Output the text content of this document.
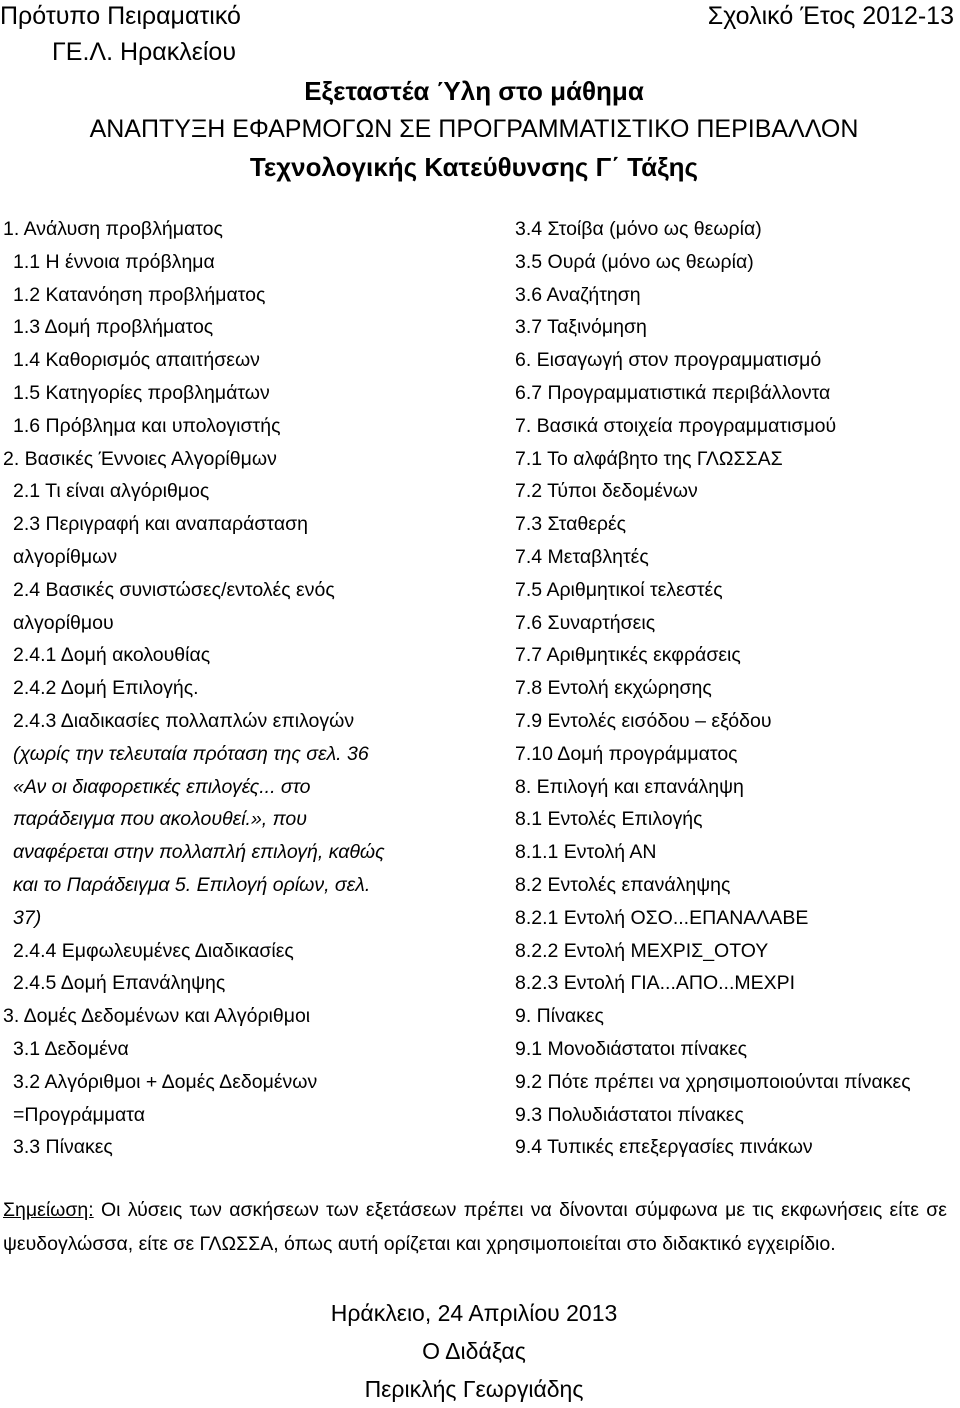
Πρότυπο Πειραματικό	Σχολικό Έτος 2012-13
ΓΕ.Λ. Ηρακλείου
Εξεταστέα Ύλη στο μάθημα
ΑΝΑΠΤΥΞΗ ΕΦΑΡΜΟΓΩΝ ΣΕ ΠΡΟΓΡΑΜΜΑΤΙΣΤΙΚΟ ΠΕΡΙΒΑΛΛΟΝ
Τεχνολογικής Κατεύθυνσης Γ΄ Τάξης
1. Ανάλυση προβλήματος
1.1 Η έννοια πρόβλημα
1.2 Κατανόηση προβλήματος
1.3 Δομή προβλήματος
1.4 Καθορισμός απαιτήσεων
1.5 Κατηγορίες προβλημάτων
1.6 Πρόβλημα και υπολογιστής
2. Βασικές Έννοιες Αλγορίθμων
2.1 Τι είναι αλγόριθμος
2.3 Περιγραφή και αναπαράσταση
αλγορίθμων
2.4 Βασικές συνιστώσες/εντολές ενός
αλγορίθμου
2.4.1 Δομή ακολουθίας
2.4.2 Δομή Επιλογής.
2.4.3 Διαδικασίες πολλαπλών επιλογών
(χωρίς την τελευταία πρόταση της σελ. 36
«Αν οι διαφορετικές επιλογές... στο
παράδειγμα που ακολουθεί.», που
αναφέρεται στην πολλαπλή επιλογή, καθώς
και το Παράδειγμα 5. Επιλογή ορίων, σελ.
37)
2.4.4 Εμφωλευμένες Διαδικασίες
2.4.5 Δομή Επανάληψης
3. Δομές Δεδομένων και Αλγόριθμοι
3.1 Δεδομένα
3.2 Αλγόριθμοι + Δομές Δεδομένων
=Προγράμματα
3.3 Πίνακες
3.4 Στοίβα (μόνο ως θεωρία)
3.5 Ουρά (μόνο ως θεωρία)
3.6 Αναζήτηση
3.7 Ταξινόμηση
6. Εισαγωγή στον προγραμματισμό
6.7 Προγραμματιστικά περιβάλλοντα
7. Βασικά στοιχεία προγραμματισμού
7.1 Το αλφάβητο της ΓΛΩΣΣΑΣ
7.2 Τύποι δεδομένων
7.3 Σταθερές
7.4 Μεταβλητές
7.5 Αριθμητικοί τελεστές
7.6 Συναρτήσεις
7.7 Αριθμητικές εκφράσεις
7.8 Εντολή εκχώρησης
7.9 Εντολές εισόδου ‒ εξόδου
7.10 Δομή προγράμματος
8. Επιλογή και επανάληψη
8.1 Εντολές Επιλογής
8.1.1 Εντολή ΑΝ
8.2 Εντολές επανάληψης
8.2.1 Εντολή ΟΣΟ...ΕΠΑΝΑΛΑΒΕ
8.2.2 Εντολή ΜΕΧΡΙΣ_ΟΤΟΥ
8.2.3 Εντολή ΓΙΑ...ΑΠΟ...ΜΕΧΡΙ
9. Πίνακες
9.1 Μονοδιάστατοι πίνακες
9.2 Πότε πρέπει να χρησιμοποιούνται πίνακες
9.3 Πολυδιάστατοι πίνακες
9.4 Τυπικές επεξεργασίες πινάκων
Σημείωση: Οι λύσεις των ασκήσεων των εξετάσεων πρέπει να δίνονται σύμφωνα με τις εκφωνήσεις είτε σε ψευδογλώσσα, είτε σε ΓΛΩΣΣΑ, όπως αυτή ορίζεται και χρησιμοποιείται στο διδακτικό εγχειρίδιο.
Ηράκλειο, 24 Απριλίου 2013
Ο Διδάξας
Περικλής Γεωργιάδης
